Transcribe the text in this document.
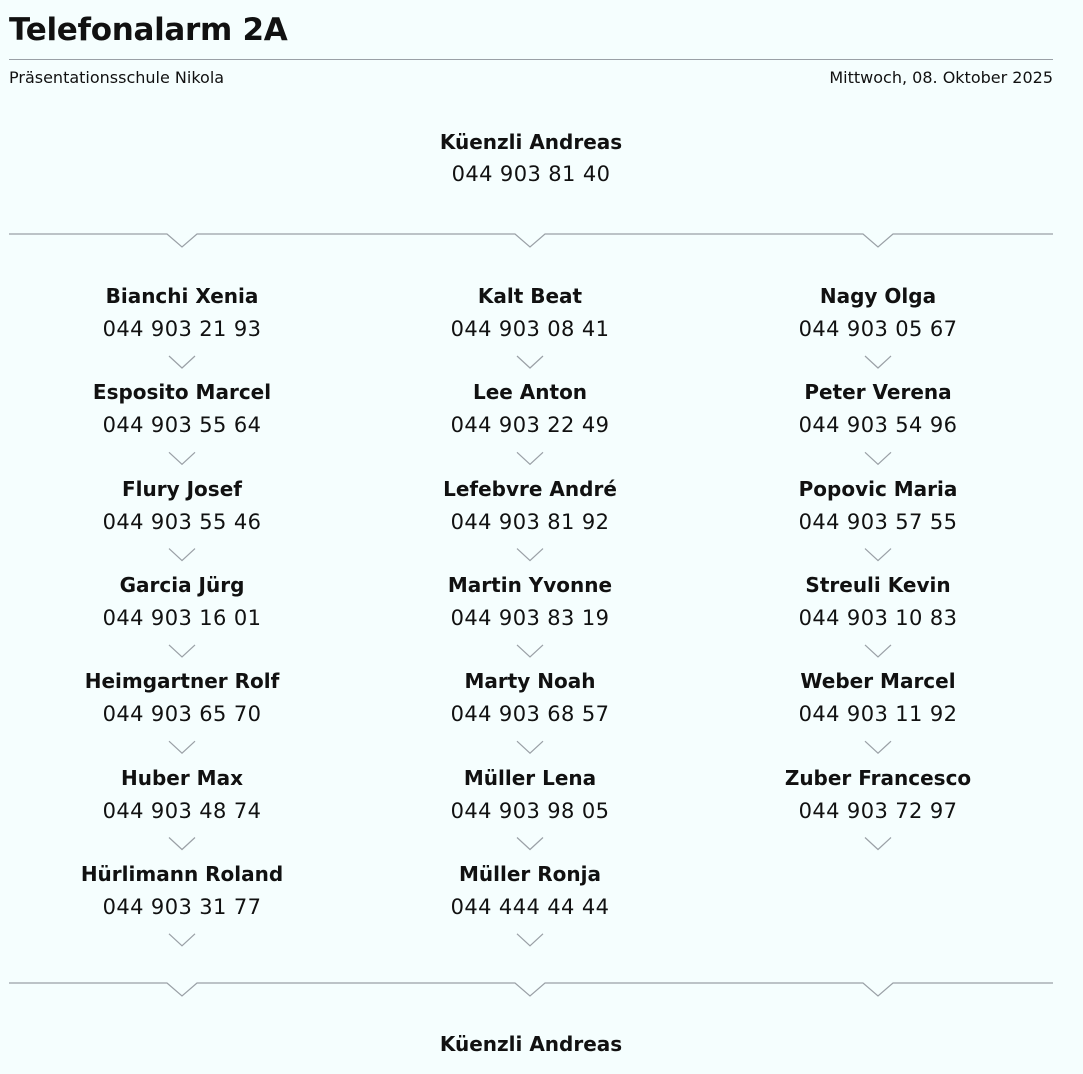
Telefonalarm 2A
Präsentationsschule Nikola	Mittwoch, 08. Oktober 2025
Küenzli Andreas
044 903 81 40
Bianchi Xenia
044 903 21 93
Esposito Marcel
044 903 55 64
Flury Josef
044 903 55 46
Garcia Jürg
044 903 16 01
Heimgartner Rolf
044 903 65 70
Huber Max
044 903 48 74
Hürlimann Roland
044 903 31 77
Kalt Beat
044 903 08 41
Lee Anton
044 903 22 49
Lefebvre André
044 903 81 92
Martin Yvonne
044 903 83 19
Marty Noah
044 903 68 57
Müller Lena
044 903 98 05
Müller Ronja
044 444 44 44
Nagy Olga
044 903 05 67
Peter Verena
044 903 54 96
Popovic Maria
044 903 57 55
Streuli Kevin
044 903 10 83
Weber Marcel
044 903 11 92
Zuber Francesco
044 903 72 97
Küenzli Andreas
